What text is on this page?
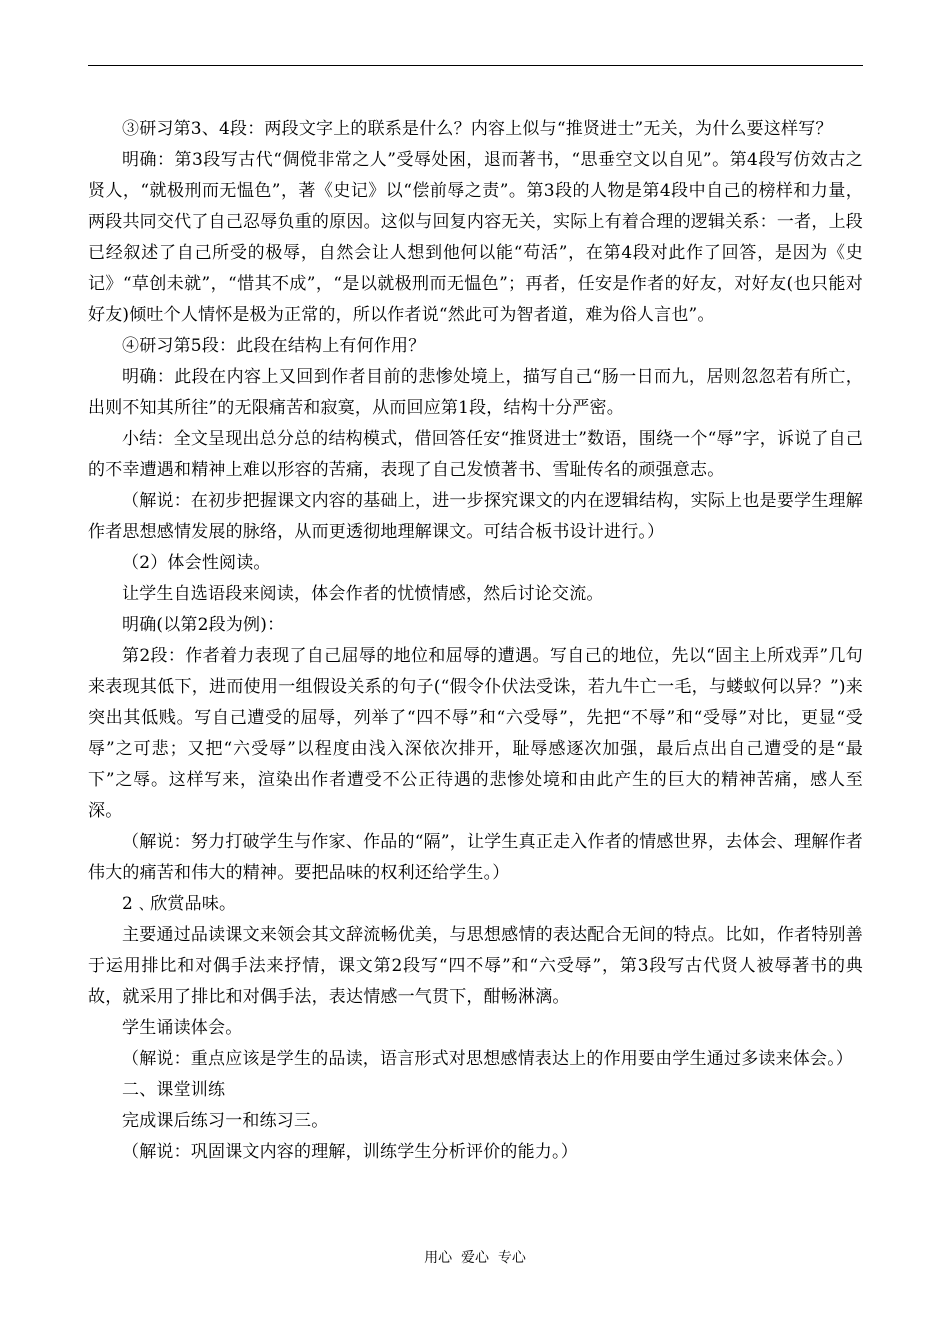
③研习第3、4段：两段文字上的联系是什么？内容上似与“推贤进士”无关，为什么要这样写？

明确：第3段写古代“倜傥非常之人”受辱处困，退而著书，“思垂空文以自见”。第4段写仿效古之贤人，“就极刑而无愠色”，著《史记》以“偿前辱之责”。第3段的人物是第4段中自己的榜样和力量，两段共同交代了自己忍辱负重的原因。这似与回复内容无关，实际上有着合理的逻辑关系：一者，上段已经叙述了自己所受的极辱，自然会让人想到他何以能“苟活”，在第4段对此作了回答，是因为《史记》“草创未就”，“惜其不成”，“是以就极刑而无愠色”；再者，任安是作者的好友，对好友(也只能对好友)倾吐个人情怀是极为正常的，所以作者说“然此可为智者道，难为俗人言也”。

④研习第5段：此段在结构上有何作用？

明确：此段在内容上又回到作者目前的悲惨处境上，描写自己“肠一日而九，居则忽忽若有所亡，出则不知其所往”的无限痛苦和寂寞，从而回应第1段，结构十分严密。

小结：全文呈现出总分总的结构模式，借回答任安“推贤进士”数语，围绕一个“辱”字，诉说了自己的不幸遭遇和精神上难以形容的苦痛，表现了自己发愤著书、雪耻传名的顽强意志。

（解说：在初步把握课文内容的基础上，进一步探究课文的内在逻辑结构，实际上也是要学生理解作者思想感情发展的脉络，从而更透彻地理解课文。可结合板书设计进行。）

（2）体会性阅读。

让学生自选语段来阅读，体会作者的忧愤情感，然后讨论交流。

明确(以第2段为例)：

第2段：作者着力表现了自己屈辱的地位和屈辱的遭遇。写自己的地位，先以“固主上所戏弄”几句来表现其低下，进而使用一组假设关系的句子(“假令仆伏法受诛，若九牛亡一毛，与蝼蚁何以异？”)来突出其低贱。写自己遭受的屈辱，列举了“四不辱”和“六受辱”，先把“不辱”和“受辱”对比，更显“受辱”之可悲；又把“六受辱”以程度由浅入深依次排开，耻辱感逐次加强，最后点出自己遭受的是“最下”之辱。这样写来，渲染出作者遭受不公正待遇的悲惨处境和由此产生的巨大的精神苦痛，感人至深。

（解说：努力打破学生与作家、作品的“隔”，让学生真正走入作者的情感世界，去体会、理解作者伟大的痛苦和伟大的精神。要把品味的权利还给学生。）

2﹑欣赏品味。

主要通过品读课文来领会其文辞流畅优美，与思想感情的表达配合无间的特点。比如，作者特别善于运用排比和对偶手法来抒情，课文第2段写“四不辱”和“六受辱”，第3段写古代贤人被辱著书的典故，就采用了排比和对偶手法，表达情感一气贯下，酣畅淋漓。

学生诵读体会。

（解说：重点应该是学生的品读，语言形式对思想感情表达上的作用要由学生通过多读来体会。）

二、课堂训练

完成课后练习一和练习三。

（解说：巩固课文内容的理解，训练学生分析评价的能力。）

用心  爱心  专心
